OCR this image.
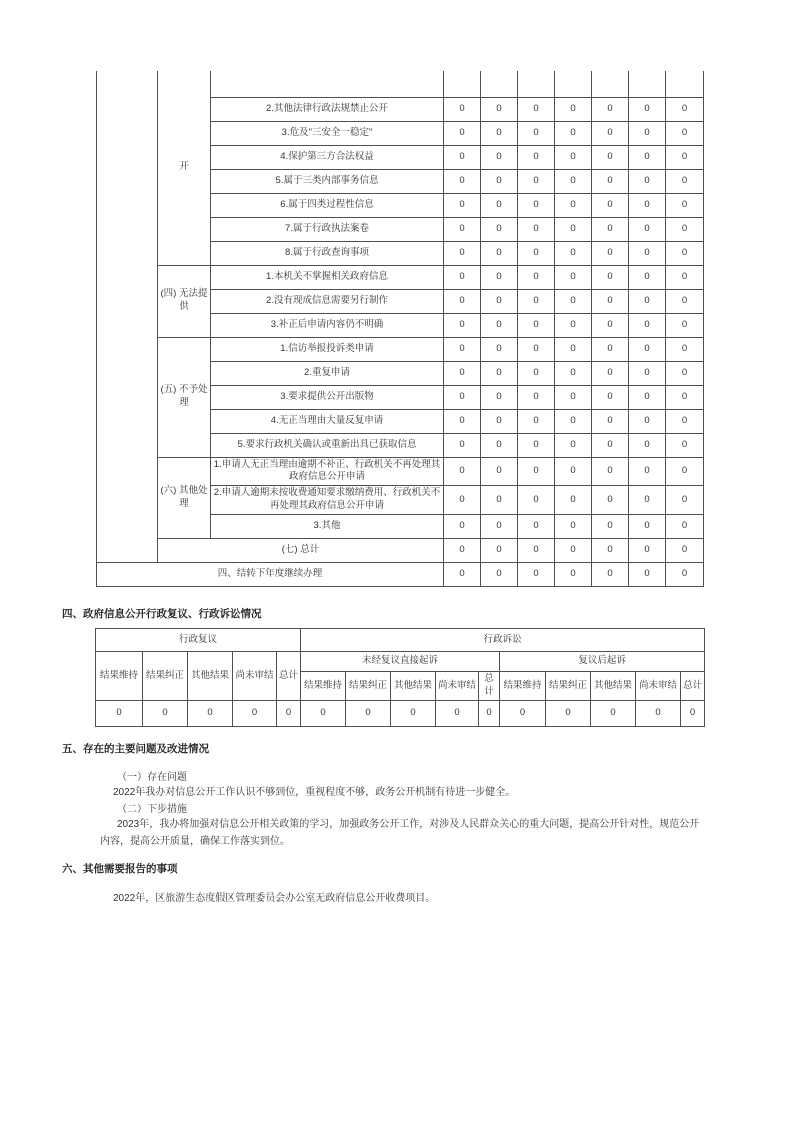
	开								
		2.其他法律行政法规禁止公开	0	0	0	0	0	0	0
		3.危及"三安全一稳定"	0	0	0	0	0	0	0
		4.保护第三方合法权益	0	0	0	0	0	0	0
		5.属于三类内部事务信息	0	0	0	0	0	0	0
		6.属于四类过程性信息	0	0	0	0	0	0	0
		7.属于行政执法案卷	0	0	0	0	0	0	0
		8.属于行政查询事项	0	0	0	0	0	0	0
	(四) 无法提供	1.本机关不掌握相关政府信息	0	0	0	0	0	0	0
		2.没有现成信息需要另行制作	0	0	0	0	0	0	0
		3.补正后申请内容仍不明确	0	0	0	0	0	0	0
	(五) 不予处理	1.信访举报投诉类申请	0	0	0	0	0	0	0
		2.重复申请	0	0	0	0	0	0	0
		3.要求提供公开出版物	0	0	0	0	0	0	0
		4.无正当理由大量反复申请	0	0	0	0	0	0	0
		5.要求行政机关确认或重新出具已获取信息	0	0	0	0	0	0	0
	(六) 其他处理	1.申请人无正当理由逾期不补正、行政机关不再处理其政府信息公开申请	0	0	0	0	0	0	0
		2.申请人逾期未按收费通知要求缴纳费用、行政机关不再处理其政府信息公开申请	0	0	0	0	0	0	0
		3.其他	0	0	0	0	0	0	0
	(七) 总计		0	0	0	0	0	0	0
四、结转下年度继续办理			0	0	0	0	0	0	0
四、政府信息公开行政复议、行政诉讼情况
行政复议					行政诉讼									
结果维持	结果纠正	其他结果	尚未审结	总计	未经复议直接起诉					复议后起诉				
					结果维持	结果纠正	其他结果	尚未审结	总计	结果维持	结果纠正	其他结果	尚未审结	总计
0	0	0	0	0	0	0	0	0	0	0	0	0	0	0
五、存在的主要问题及改进情况
（一）存在问题
2022年我办对信息公开工作认识不够到位，重视程度不够，政务公开机制有待进一步健全。
（二）下步措施
2023年，我办将加强对信息公开相关政策的学习，加强政务公开工作，对涉及人民群众关心的重大问题，提高公开针对性，规范公开内容，提高公开质量，确保工作落实到位。
六、其他需要报告的事项
2022年，区旅游生态度假区管理委员会办公室无政府信息公开收费项目。
